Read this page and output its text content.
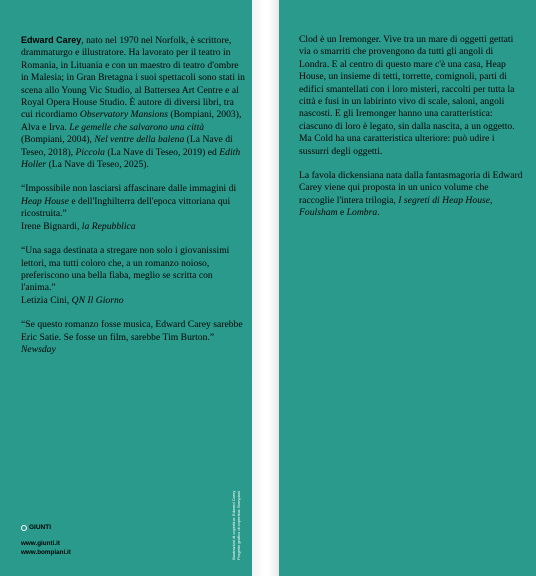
Edward Carey, nato nel 1970 nel Norfolk, è scrittore, drammaturgo e illustratore. Ha lavorato per il teatro in Romania, in Lituania e con un maestro di teatro d'ombre in Malesia; in Gran Bretagna i suoi spettacoli sono stati in scena allo Young Vic Studio, al Battersea Art Centre e al Royal Opera House Studio. È autore di diversi libri, tra cui ricordiamo Observatory Mansions (Bompiani, 2003), Alva e Irva. Le gemelle che salvarono una città (Bompiani, 2004), Nel ventre della balena (La Nave di Teseo, 2018), Piccola (La Nave di Teseo, 2019) ed Edith Holler (La Nave di Teseo, 2025).

“Impossibile non lasciarsi affascinare dalle immagini di Heap House e dell'Inghilterra dell'epoca vittoriana qui ricostruita.”
Irene Bignardi, la Repubblica

“Una saga destinata a stregare non solo i giovanissimi lettori, ma tutti coloro che, a un romanzo noioso, preferiscono una bella fiaba, meglio se scritta con l'anima.”
Letizia Cini, QN Il Giorno

“Se questo romanzo fosse musica, Edward Carey sarebbe Eric Satie. Se fosse un film, sarebbe Tim Burton.”
Newsday

GIUNTI
www.giunti.it
www.bompiani.it	Illustrazioni di copertina: Edward Carey Progetto grafico di copertina: Bompiani

Clod è un Iremonger. Vive tra un mare di oggetti gettati via o smarriti che provengono da tutti gli angoli di Londra. E al centro di questo mare c'è una casa, Heap House, un insieme di tetti, torrette, comignoli, parti di edifici smantellati con i loro misteri, raccolti per tutta la città e fusi in un labirinto vivo di scale, saloni, angoli nascosti. E gli Iremonger hanno una caratteristica: ciascuno di loro è legato, sin dalla nascita, a un oggetto. Ma Cold ha una caratteristica ulteriore: può udire i sussurri degli oggetti.

La favola dickensiana nata dalla fantasmagoria di Edward Carey viene qui proposta in un unico volume che raccoglie l'intera trilogia, I segreti di Heap House, Foulsham e Lombra.
